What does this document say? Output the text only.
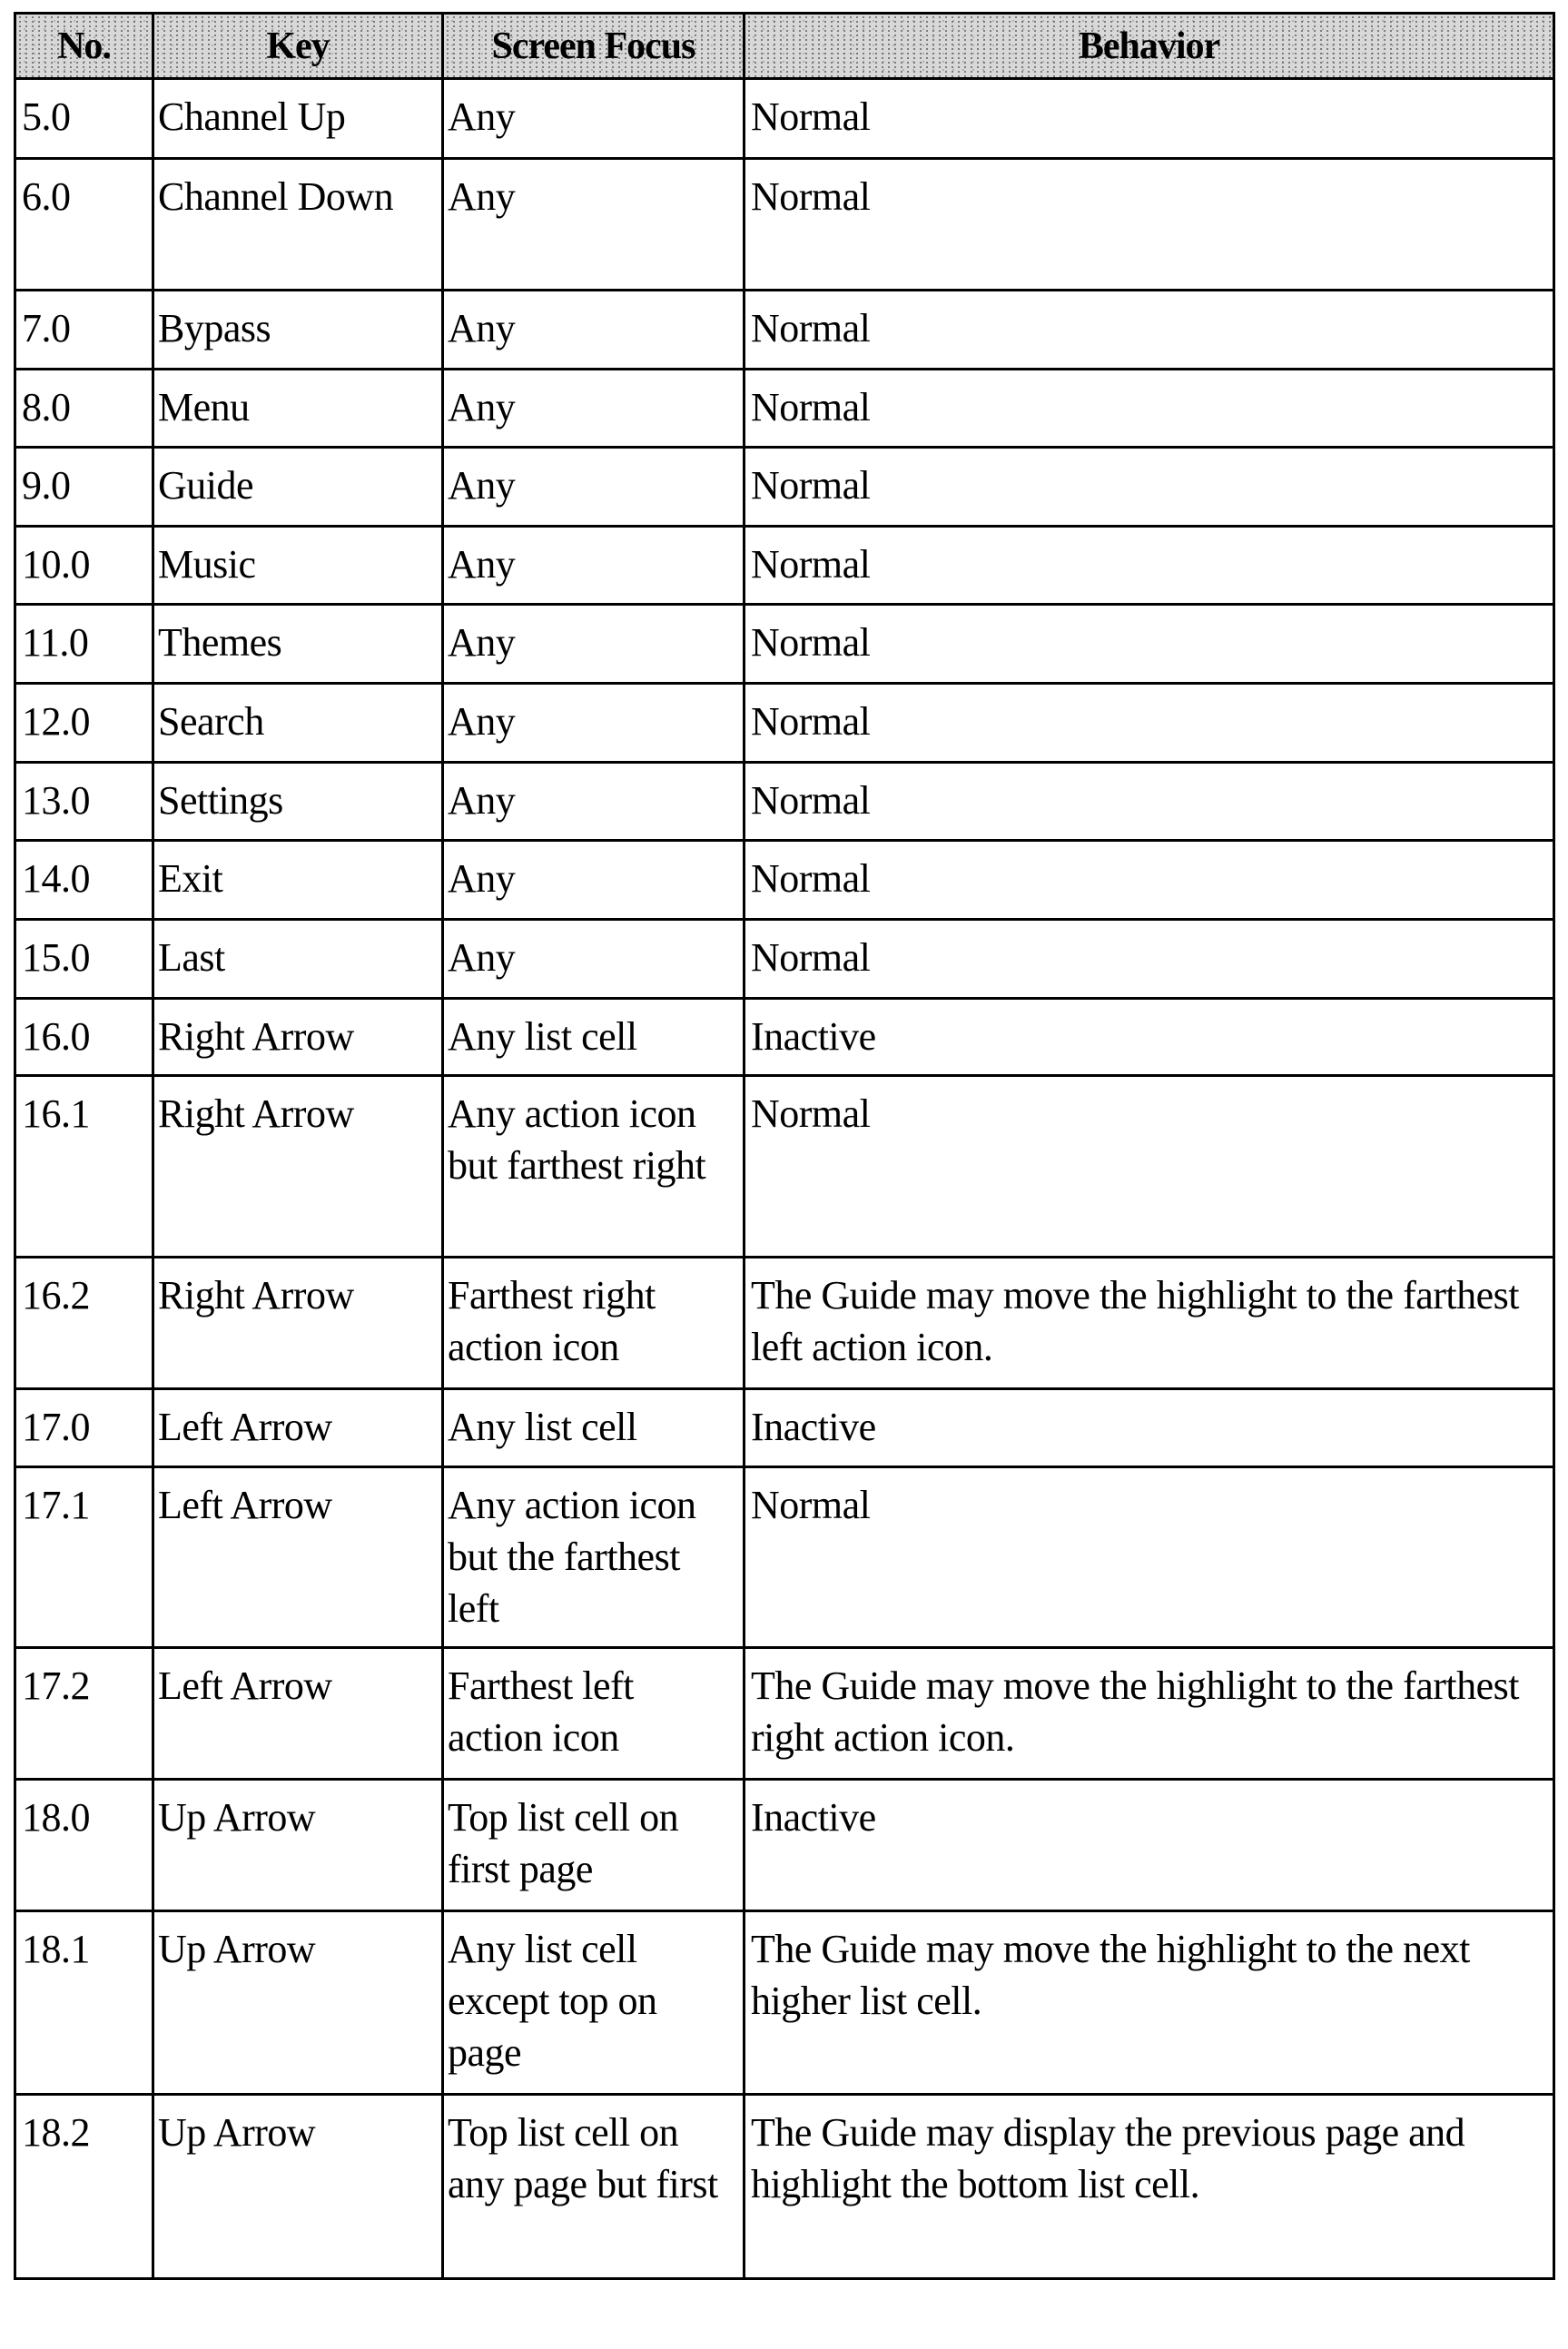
No.	Key	Screen Focus	Behavior
5.0	Channel Up	Any	Normal
6.0	Channel Down	Any	Normal
7.0	Bypass	Any	Normal
8.0	Menu	Any	Normal
9.0	Guide	Any	Normal
10.0	Music	Any	Normal
11.0	Themes	Any	Normal
12.0	Search	Any	Normal
13.0	Settings	Any	Normal
14.0	Exit	Any	Normal
15.0	Last	Any	Normal
16.0	Right Arrow	Any list cell	Inactive
16.1	Right Arrow	Any action icon but farthest right	Normal
16.2	Right Arrow	Farthest right action icon	The Guide may move the highlight to the farthest left action icon.
17.0	Left Arrow	Any list cell	Inactive
17.1	Left Arrow	Any action icon but the farthest left	Normal
17.2	Left Arrow	Farthest left action icon	The Guide may move the highlight to the farthest right action icon.
18.0	Up Arrow	Top list cell on first page	Inactive
18.1	Up Arrow	Any list cell except top on page	The Guide may move the highlight to the next higher list cell.
18.2	Up Arrow	Top list cell on any page but first	The Guide may display the previous page and highlight the bottom list cell.
